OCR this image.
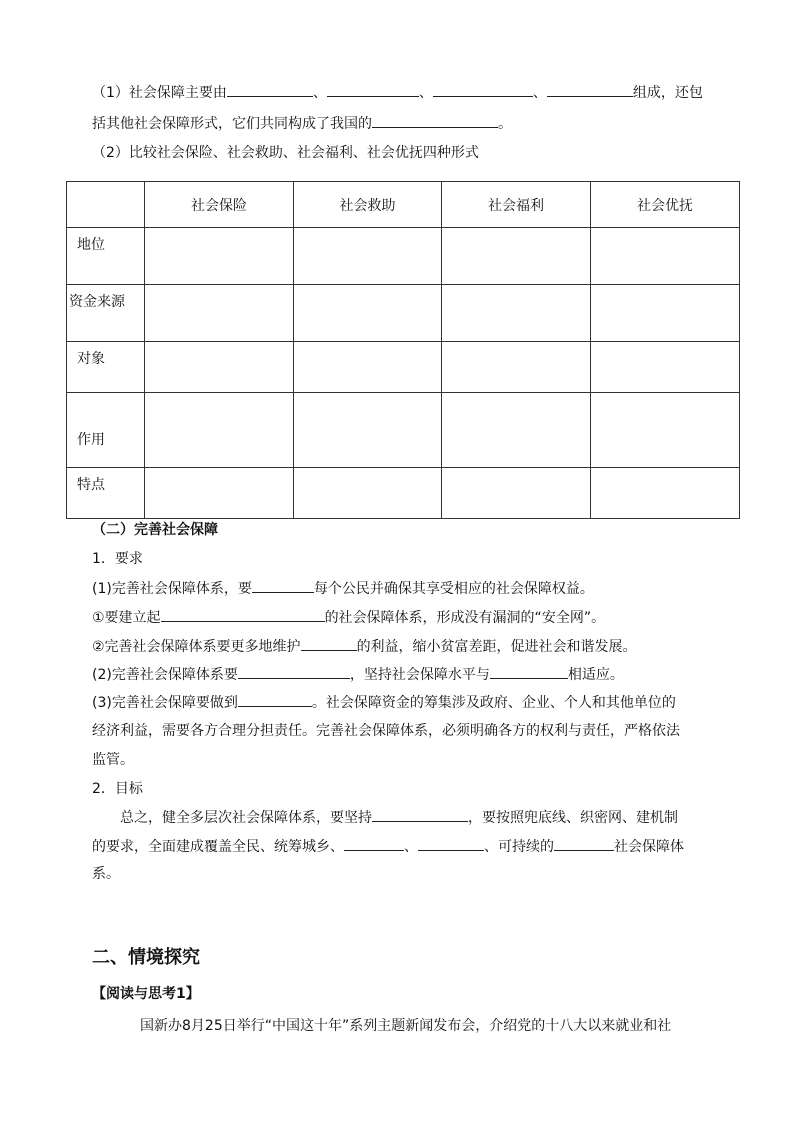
（1）社会保障主要由	、	、	、	组成，还包
括其他社会保障形式，它们共同构成了我国的	。
（2）比较社会保险、社会救助、社会福利、社会优抚四种形式
	社会保险	社会救助	社会福利	社会优抚
地位				
资金来源				
对象				
作用				
特点				
（二）完善社会保障
1．要求
(1)完善社会保障体系，要	每个公民并确保其享受相应的社会保障权益。
①要建立起	的社会保障体系，形成没有漏洞的“安全网”。
②完善社会保障体系要更多地维护	的利益，缩小贫富差距，促进社会和谐发展。
(2)完善社会保障体系要	，坚持社会保障水平与	相适应。
(3)完善社会保障要做到	。社会保障资金的筹集涉及政府、企业、个人和其他单位的
经济利益，需要各方合理分担责任。完善社会保障体系，必须明确各方的权利与责任，严格依法
监管。
2．目标
总之，健全多层次社会保障体系，要坚持	，要按照兜底线、织密网、建机制
的要求，全面建成覆盖全民、统筹城乡、	、	、可持续的	社会保障体
系。
二、情境探究
【阅读与思考1】
国新办8月25日举行“中国这十年”系列主题新闻发布会，介绍党的十八大以来就业和社
